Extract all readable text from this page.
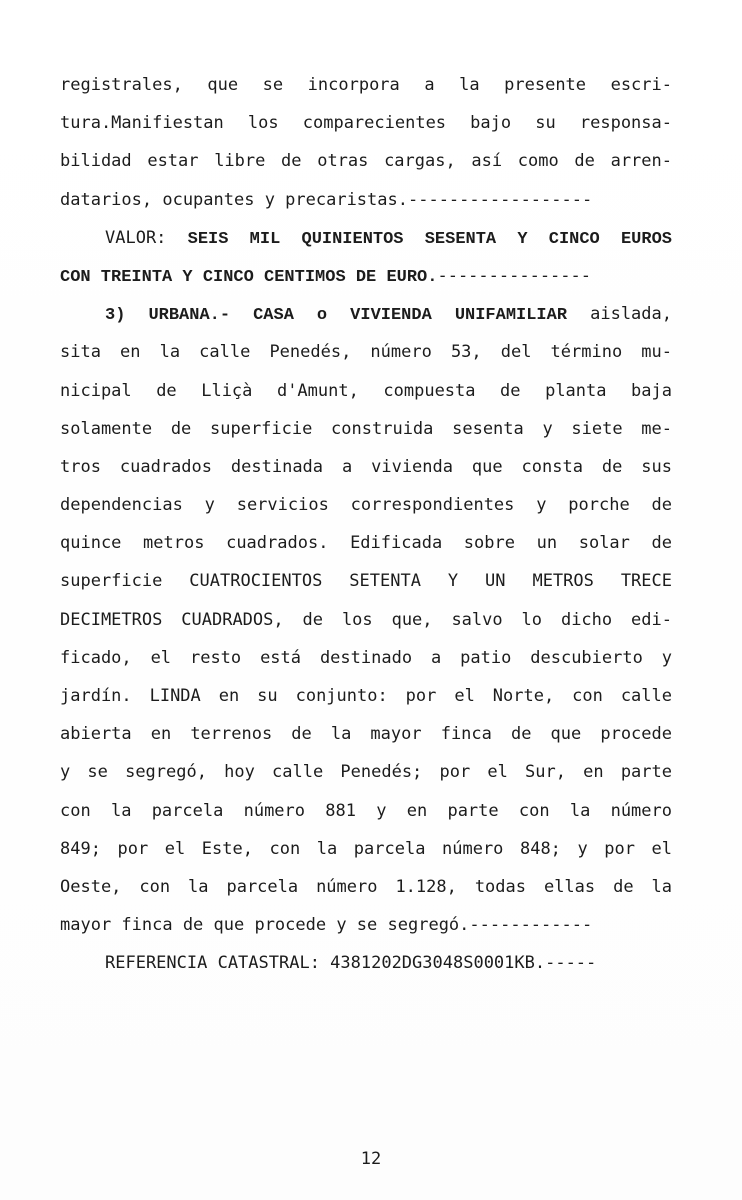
registrales, que se incorpora a la presente escri-
tura.Manifiestan los comparecientes bajo su responsa-
bilidad estar libre de otras cargas, así como de arren-
datarios, ocupantes y precaristas.------------------
VALOR: SEIS MIL QUINIENTOS SESENTA Y CINCO EUROS
CON TREINTA Y CINCO CENTIMOS DE EURO.---------------
3) URBANA.- CASA o VIVIENDA UNIFAMILIAR aislada,
sita en la calle Penedés, número 53, del término mu-
nicipal de Lliçà d'Amunt, compuesta de planta baja
solamente de superficie construida sesenta y siete me-
tros cuadrados destinada a vivienda que consta de sus
dependencias y servicios correspondientes y porche de
quince metros cuadrados. Edificada sobre un solar de
superficie CUATROCIENTOS SETENTA Y UN METROS TRECE
DECIMETROS CUADRADOS, de los que, salvo lo dicho edi-
ficado, el resto está destinado a patio descubierto y
jardín. LINDA en su conjunto: por el Norte, con calle
abierta en terrenos de la mayor finca de que procede
y se segregó, hoy calle Penedés; por el Sur, en parte
con la parcela número 881 y en parte con la número
849; por el Este, con la parcela número 848; y por el
Oeste, con la parcela número 1.128, todas ellas de la
mayor finca de que procede y se segregó.------------
REFERENCIA CATASTRAL: 4381202DG3048S0001KB.-----
12
